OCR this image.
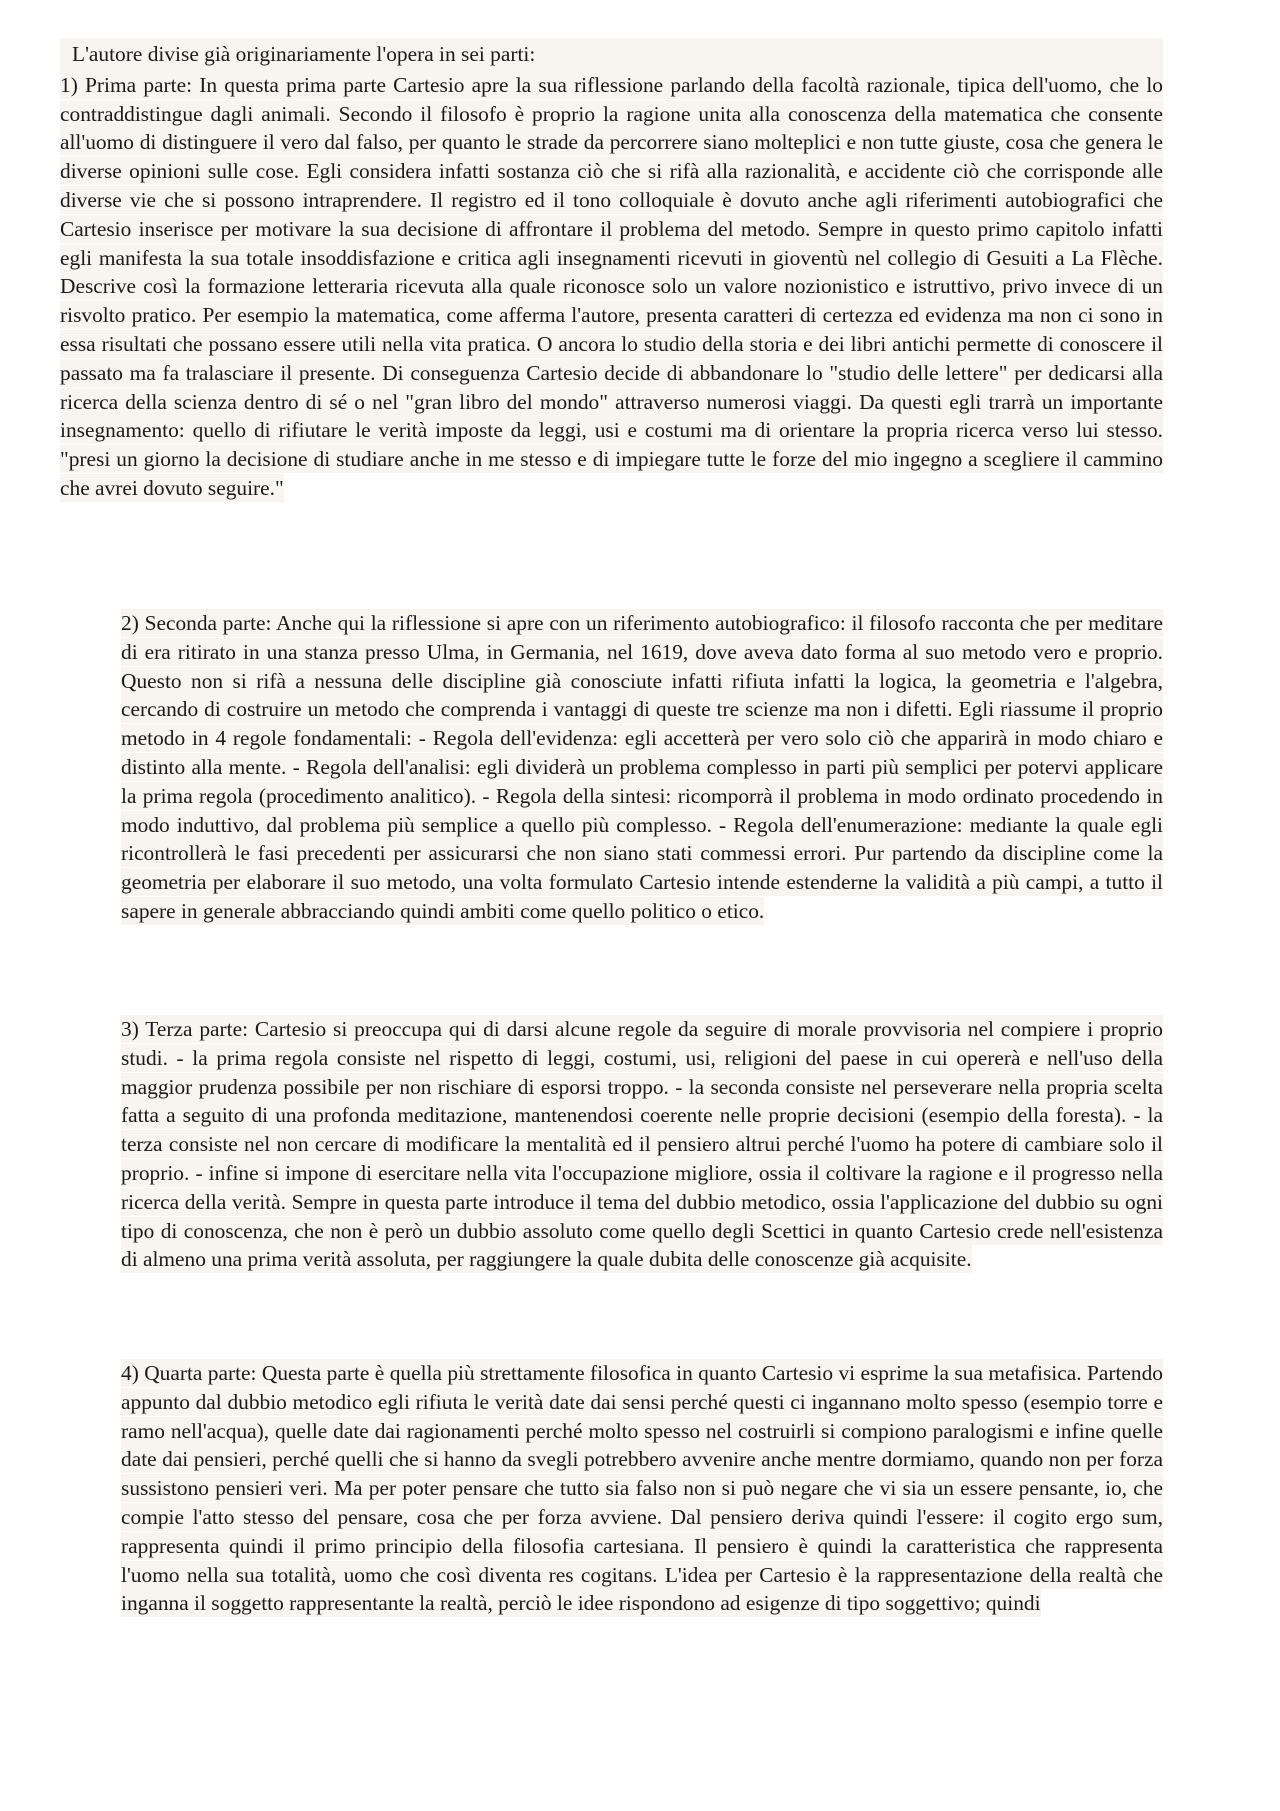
L'autore divise già originariamente l'opera in sei parti:
1) Prima parte: In questa prima parte Cartesio apre la sua riflessione parlando della facoltà razionale, tipica dell'uomo, che lo contraddistingue dagli animali. Secondo il filosofo è proprio la ragione unita alla conoscenza della matematica che consente all'uomo di distinguere il vero dal falso, per quanto le strade da percorrere siano molteplici e non tutte giuste, cosa che genera le diverse opinioni sulle cose. Egli considera infatti sostanza ciò che si rifà alla razionalità, e accidente ciò che corrisponde alle diverse vie che si possono intraprendere. Il registro ed il tono colloquiale è dovuto anche agli riferimenti autobiografici che Cartesio inserisce per motivare la sua decisione di affrontare il problema del metodo. Sempre in questo primo capitolo infatti egli manifesta la sua totale insoddisfazione e critica agli insegnamenti ricevuti in gioventù nel collegio di Gesuiti a La Flèche. Descrive così la formazione letteraria ricevuta alla quale riconosce solo un valore nozionistico e istruttivo, privo invece di un risvolto pratico. Per esempio la matematica, come afferma l'autore, presenta caratteri di certezza ed evidenza ma non ci sono in essa risultati che possano essere utili nella vita pratica. O ancora lo studio della storia e dei libri antichi permette di conoscere il passato ma fa tralasciare il presente. Di conseguenza Cartesio decide di abbandonare lo "studio delle lettere" per dedicarsi alla ricerca della scienza dentro di sé o nel "gran libro del mondo" attraverso numerosi viaggi. Da questi egli trarrà un importante insegnamento: quello di rifiutare le verità imposte da leggi, usi e costumi ma di orientare la propria ricerca verso lui stesso. "presi un giorno la decisione di studiare anche in me stesso e di impiegare tutte le forze del mio ingegno a scegliere il cammino che avrei dovuto seguire."
2) Seconda parte: Anche qui la riflessione si apre con un riferimento autobiografico: il filosofo racconta che per meditare di era ritirato in una stanza presso Ulma, in Germania, nel 1619, dove aveva dato forma al suo metodo vero e proprio. Questo non si rifà a nessuna delle discipline già conosciute infatti rifiuta infatti la logica, la geometria e l'algebra, cercando di costruire un metodo che comprenda i vantaggi di queste tre scienze ma non i difetti. Egli riassume il proprio metodo in 4 regole fondamentali: - Regola dell'evidenza: egli accetterà per vero solo ciò che apparirà in modo chiaro e distinto alla mente. - Regola dell'analisi: egli dividerà un problema complesso in parti più semplici per potervi applicare la prima regola (procedimento analitico). - Regola della sintesi: ricomporrà il problema in modo ordinato procedendo in modo induttivo, dal problema più semplice a quello più complesso. - Regola dell'enumerazione: mediante la quale egli ricontrollerà le fasi precedenti per assicurarsi che non siano stati commessi errori. Pur partendo da discipline come la geometria per elaborare il suo metodo, una volta formulato Cartesio intende estenderne la validità a più campi, a tutto il sapere in generale abbracciando quindi ambiti come quello politico o etico.
3) Terza parte: Cartesio si preoccupa qui di darsi alcune regole da seguire di morale provvisoria nel compiere i proprio studi. - la prima regola consiste nel rispetto di leggi, costumi, usi, religioni del paese in cui opererà e nell'uso della maggior prudenza possibile per non rischiare di esporsi troppo. - la seconda consiste nel perseverare nella propria scelta fatta a seguito di una profonda meditazione, mantenendosi coerente nelle proprie decisioni (esempio della foresta). - la terza consiste nel non cercare di modificare la mentalità ed il pensiero altrui perché l'uomo ha potere di cambiare solo il proprio. - infine si impone di esercitare nella vita l'occupazione migliore, ossia il coltivare la ragione e il progresso nella ricerca della verità. Sempre in questa parte introduce il tema del dubbio metodico, ossia l'applicazione del dubbio su ogni tipo di conoscenza, che non è però un dubbio assoluto come quello degli Scettici in quanto Cartesio crede nell'esistenza di almeno una prima verità assoluta, per raggiungere la quale dubita delle conoscenze già acquisite.
4) Quarta parte: Questa parte è quella più strettamente filosofica in quanto Cartesio vi esprime la sua metafisica. Partendo appunto dal dubbio metodico egli rifiuta le verità date dai sensi perché questi ci ingannano molto spesso (esempio torre e ramo nell'acqua), quelle date dai ragionamenti perché molto spesso nel costruirli si compiono paralogismi e infine quelle date dai pensieri, perché quelli che si hanno da svegli potrebbero avvenire anche mentre dormiamo, quando non per forza sussistono pensieri veri. Ma per poter pensare che tutto sia falso non si può negare che vi sia un essere pensante, io, che compie l'atto stesso del pensare, cosa che per forza avviene. Dal pensiero deriva quindi l'essere: il cogito ergo sum, rappresenta quindi il primo principio della filosofia cartesiana. Il pensiero è quindi la caratteristica che rappresenta l'uomo nella sua totalità, uomo che così diventa res cogitans. L'idea per Cartesio è la rappresentazione della realtà che inganna il soggetto rappresentante la realtà, perciò le idee rispondono ad esigenze di tipo soggettivo; quindi
